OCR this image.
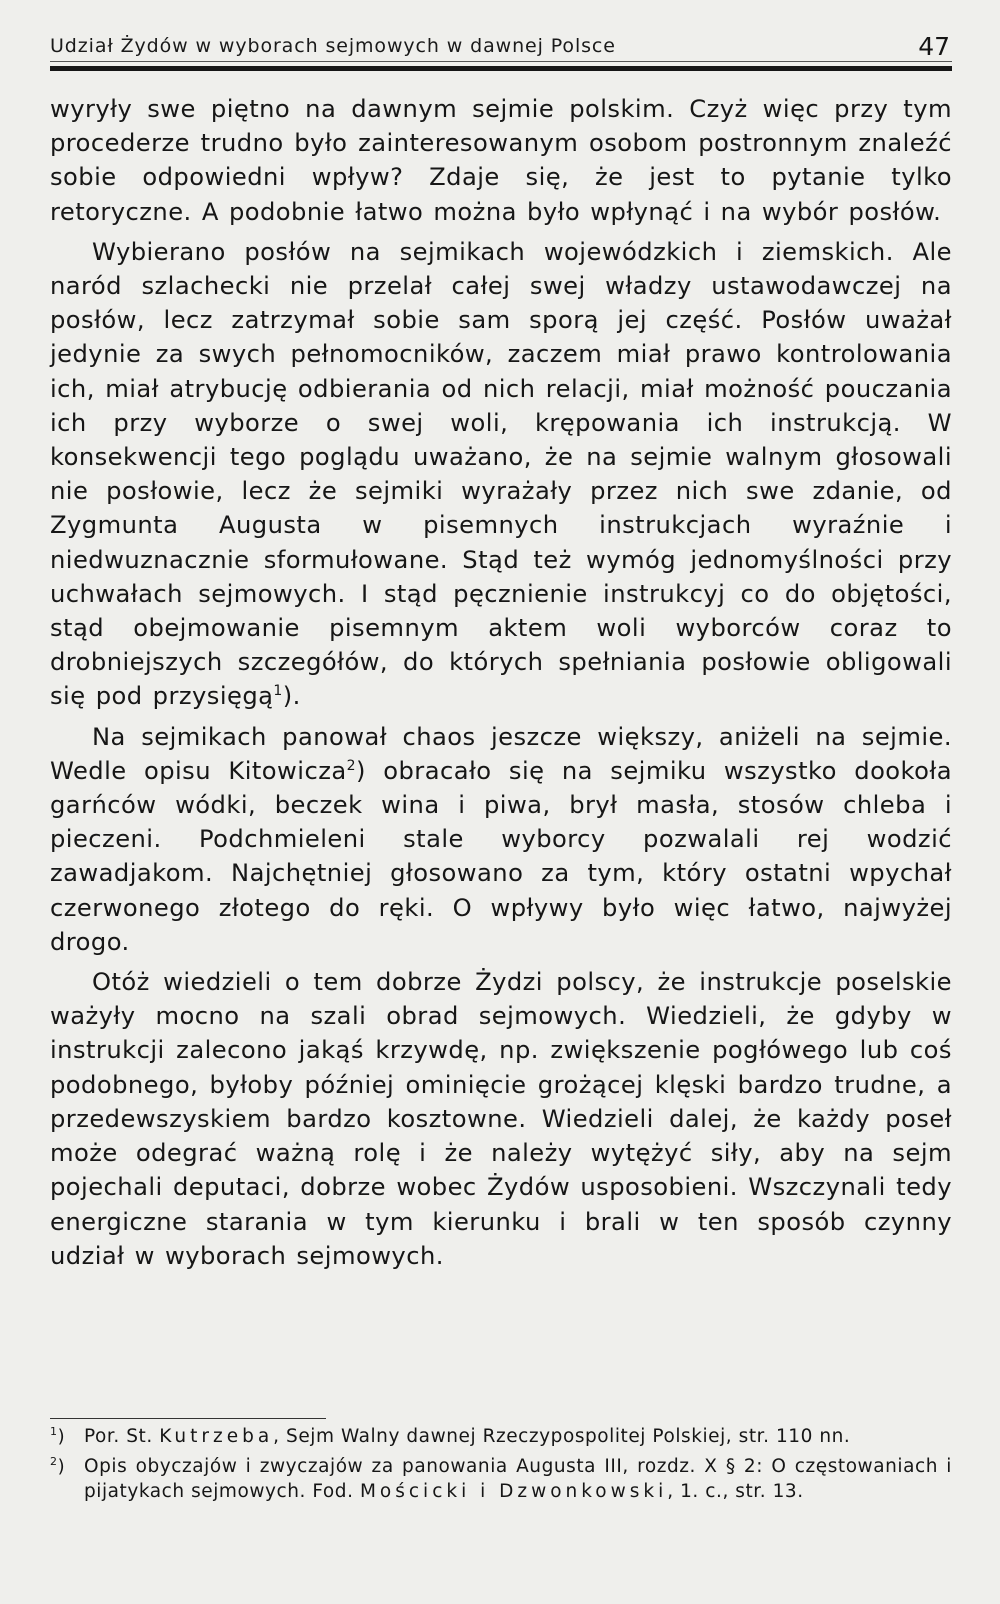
Udział Żydów w wyborach sejmowych w dawnej Polsce	47

wyryły swe piętno na dawnym sejmie polskim. Czyż więc przy tym procederze trudno było zainteresowanym osobom postronnym znaleźć sobie odpowiedni wpływ? Zdaje się, że jest to pytanie tylko retoryczne. A podobnie łatwo można było wpłynąć i na wybór posłów.

Wybierano posłów na sejmikach wojewódzkich i ziemskich. Ale naród szlachecki nie przelał całej swej władzy ustawodawczej na posłów, lecz zatrzymał sobie sam sporą jej część. Posłów uważał jedynie za swych pełnomocników, zaczem miał prawo kontrolowania ich, miał atrybucję odbierania od nich relacji, miał możność pouczania ich przy wyborze o swej woli, krępowania ich instrukcją. W konsekwencji tego poglądu uważano, że na sejmie walnym głosowali nie posłowie, lecz że sejmiki wyrażały przez nich swe zdanie, od Zygmunta Augusta w pisemnych instrukcjach wyraźnie i niedwuznacznie sformułowane. Stąd też wymóg jednomyślności przy uchwałach sejmowych. I stąd pęcznienie instrukcyj co do objętości, stąd obejmowanie pisemnym aktem woli wyborców coraz to drobniejszych szczegółów, do których spełniania posłowie obligowali się pod przysięgą$^1$).

Na sejmikach panował chaos jeszcze większy, aniżeli na sejmie. Wedle opisu Kitowicza$^2$) obracało się na sejmiku wszystko dookoła garńców wódki, beczek wina i piwa, brył masła, stosów chleba i pieczeni. Podchmieleni stale wyborcy pozwalali rej wodzić zawadjakom. Najchętniej głosowano za tym, który ostatni wpychał czerwonego złotego do ręki. O wpływy było więc łatwo, najwyżej drogo.

Otóż wiedzieli o tem dobrze Żydzi polscy, że instrukcje poselskie ważyły mocno na szali obrad sejmowych. Wiedzieli, że gdyby w instrukcji zalecono jakąś krzywdę, np. zwiększenie pogłówego lub coś podobnego, byłoby później ominięcie grożącej klęski bardzo trudne, a przedewszyskiem bardzo kosztowne. Wiedzieli dalej, że każdy poseł może odegrać ważną rolę i że należy wytężyć siły, aby na sejm pojechali deputaci, dobrze wobec Żydów usposobieni. Wszczynali tedy energiczne starania w tym kierunku i brali w ten sposób czynny udział w wyborach sejmowych.

$^1$)	Por. St. Kutrzeba, Sejm Walny dawnej Rzeczypospolitej Polskiej, str. 110 nn.
$^2$)	Opis obyczajów i zwyczajów za panowania Augusta III, rozdz. X § 2: O częstowaniach i pijatykach sejmowych. Fod. Mościcki i Dzwonkowski, 1. c., str. 13.
